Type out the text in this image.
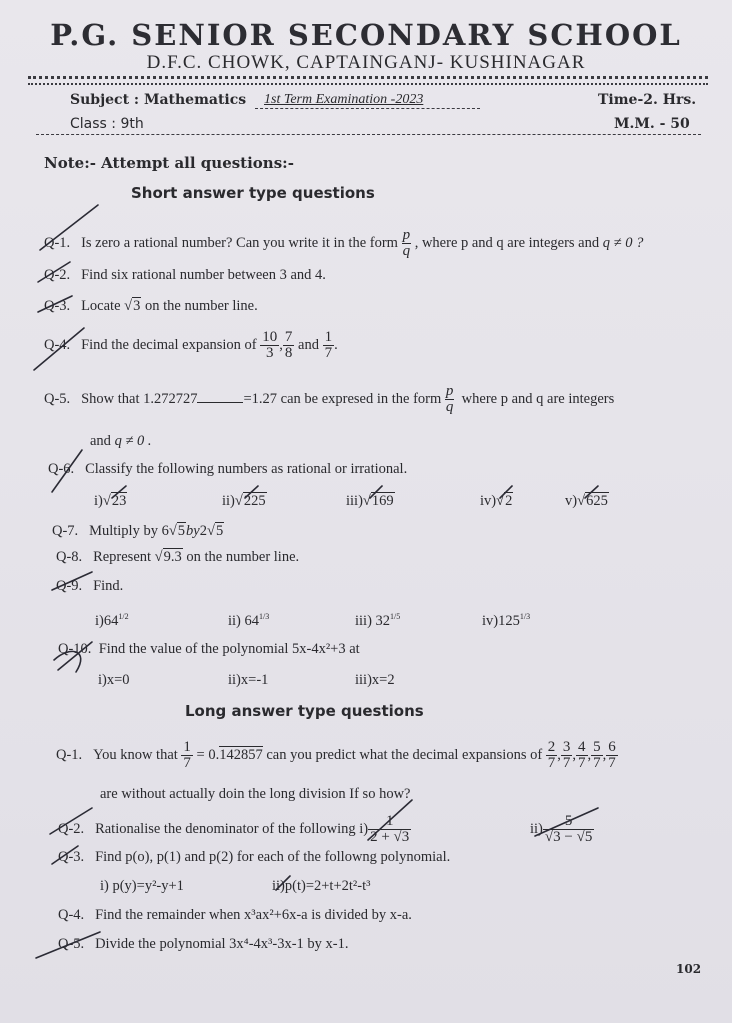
P.G. SENIOR SECONDARY SCHOOL
D.F.C. CHOWK, CAPTAINGANJ- KUSHINAGAR
Subject : Mathematics 1st Term Examination -2023	Time-2. Hrs.
Class : 9th	M.M. - 50
Note:- Attempt all questions:-
Short answer type questions
Q-1. Is zero a rational number? Can you write it in the form $\frac{p}{q}$ , where p and q are integers and q ≠ 0 ?
Q-2. Find six rational number between 3 and 4.
Q-3. Locate √3 on the number line.
Q-4. Find the decimal expansion of $\frac{10}{3}$ , $\frac{7}{8}$ and $\frac{1}{7}$ .
Q-5. Show that 1.272727	=1.27 can be expresed in the form $\frac{p}{q}$ where p and q are integers
and q ≠ 0 .
Q-6. Classify the following numbers as rational or irrational.
i)√23	ii)√225	iii)√169	iv)√2	v)√625
Q-7. Multiply by 6√5by2√5
Q-8. Represent √9.3 on the number line.
Q-9. Find.
$i)64^{1/2}$	ii) $64^{1/3}$	iii) $32^{1/5}$	$iv)125^{1/3}$
Q-10. Find the value of the polynomial 5x-4x²+3 at
i)x=0	ii)x=-1	iii)x=2
Long answer type questions
Q-1. You know that $\frac{1}{7} = 0.142857$ can you predict what the decimal expansions of $\frac{2}{7}$ , $\frac{3}{7}$ , $\frac{4}{7}$ , $\frac{5}{7}$ , $\frac{6}{7}$
are without actually doin the long division If so how?
Q-2. Rationalise the denominator of the following $i) \frac{1}{2 + √3}$	$ii) \frac{5}{√3 - √5}$
Q-3. Find p(o), p(1) and p(2) for each of the followng polynomial.
i) p(y)=y²-y+1	ii)p(t)=2+t+2t²-t³
Q-4. Find the remainder when x³ax²+6x-a is divided by x-a.
Q-5. Divide the polynomial 3x⁴-4x³-3x-1 by x-1.
102
